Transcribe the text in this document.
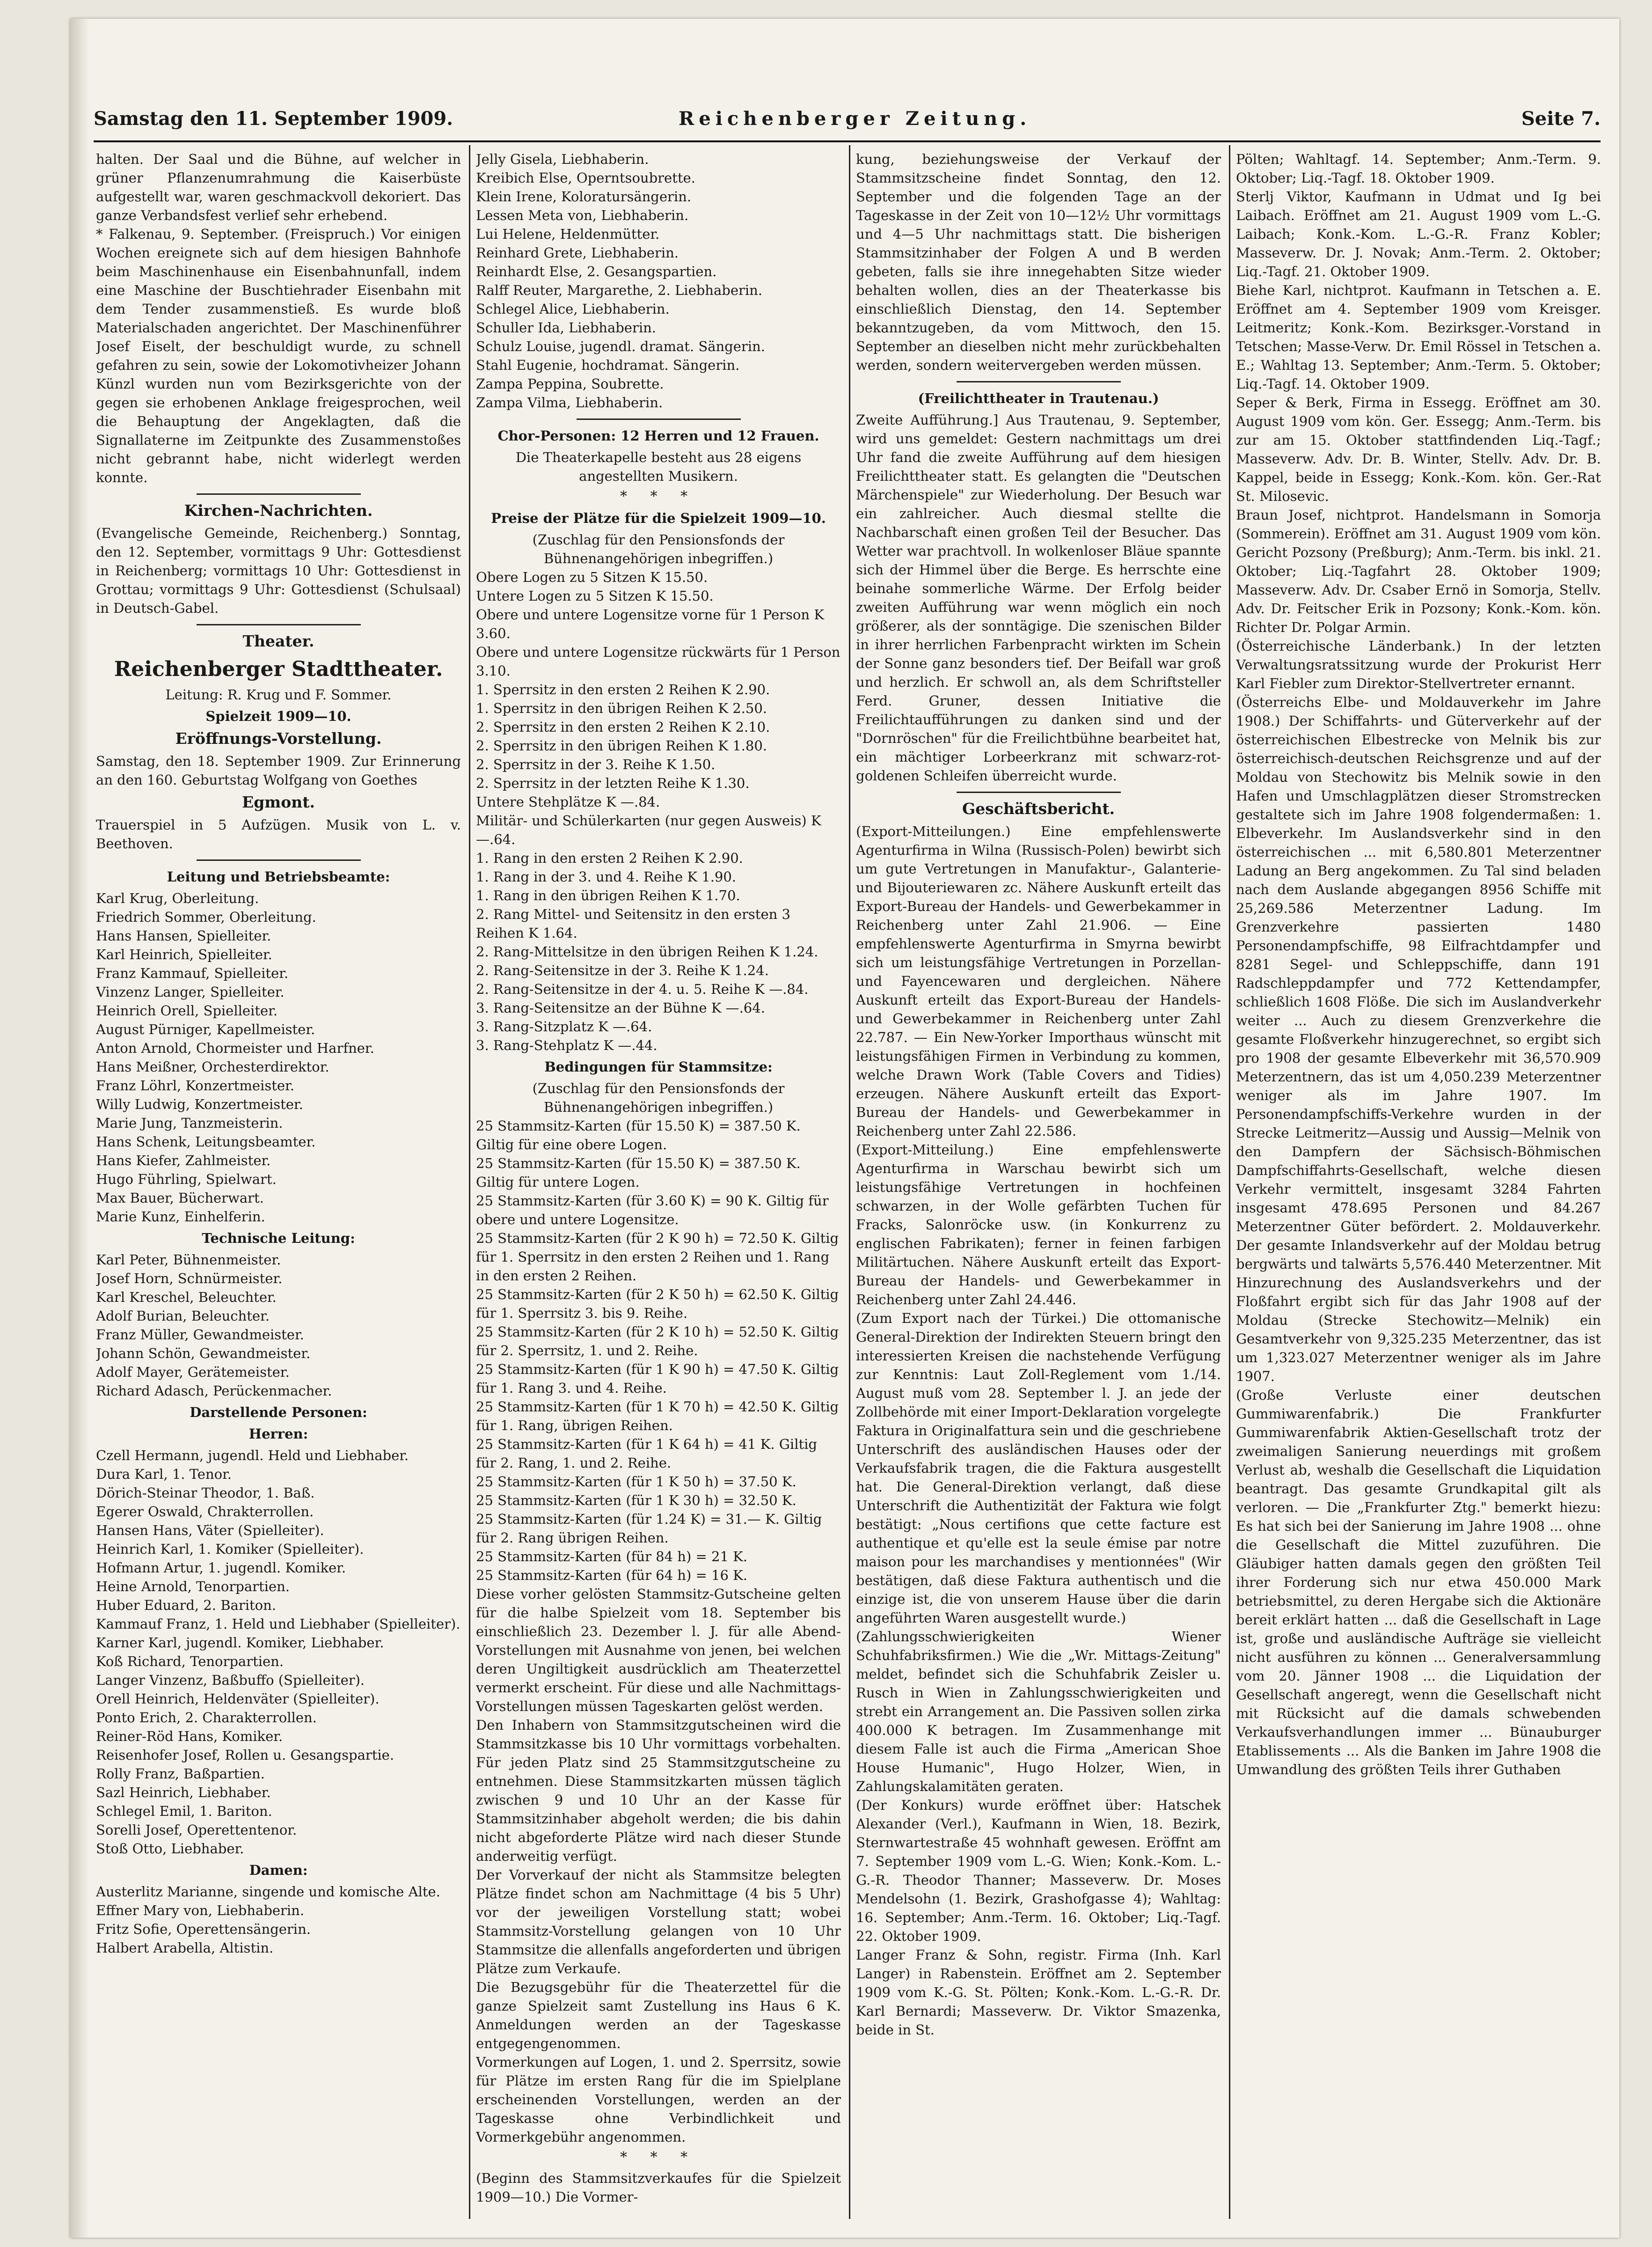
Samstag den 11. September 1909.	Reichenberger Zeitung.	Seite 7.

halten. Der Saal und die Bühne, auf welcher in grüner Pflanzenumrahmung die Kaiserbüste aufgestellt war, waren geschmackvoll dekoriert. Das ganze Verbandsfest verlief sehr erhebend.

* Falkenau, 9. September. (Freispruch.) Vor einigen Wochen ereignete sich auf dem hiesigen Bahnhofe beim Maschinenhause ein Eisenbahnunfall, indem eine Maschine der Buschtiehrader Eisenbahn mit dem Tender zusammenstieß. Es wurde bloß Materialschaden angerichtet. Der Maschinenführer Josef Eiselt, der beschuldigt wurde, zu schnell gefahren zu sein, sowie der Lokomotivheizer Johann Künzl wurden nun vom Bezirksgerichte von der gegen sie erhobenen Anklage freigesprochen, weil die Behauptung der Angeklagten, daß die Signallaterne im Zeitpunkte des Zusammenstoßes nicht gebrannt habe, nicht widerlegt werden konnte.

Kirchen-Nachrichten.

(Evangelische Gemeinde, Reichenberg.) Sonntag, den 12. September, vormittags 9 Uhr: Gottesdienst in Reichenberg; vormittags 10 Uhr: Gottesdienst in Grottau; vormittags 9 Uhr: Gottesdienst (Schulsaal) in Deutsch-Gabel.

Theater.
Reichenberger Stadttheater.

Leitung: R. Krug und F. Sommer.

Spielzeit 1909—10.
Eröffnungs-Vorstellung.

Samstag, den 18. September 1909. Zur Erinnerung an den 160. Geburtstag Wolfgang von Goethes

Egmont.

Trauerspiel in 5 Aufzügen. Musik von L. v. Beethoven.

Leitung und Betriebsbeamte:
Karl Krug, Oberleitung.
Friedrich Sommer, Oberleitung.
Hans Hansen, Spielleiter.
Karl Heinrich, Spielleiter.
Franz Kammauf, Spielleiter.
Vinzenz Langer, Spielleiter.
Heinrich Orell, Spielleiter.
August Pürniger, Kapellmeister.
Anton Arnold, Chormeister und Harfner.
Hans Meißner, Orchesterdirektor.
Franz Löhrl, Konzertmeister.
Willy Ludwig, Konzertmeister.
Marie Jung, Tanzmeisterin.
Hans Schenk, Leitungsbeamter.
Hans Kiefer, Zahlmeister.
Hugo Führling, Spielwart.
Max Bauer, Bücherwart.
Marie Kunz, Einhelferin.
Technische Leitung:
Karl Peter, Bühnenmeister.
Josef Horn, Schnürmeister.
Karl Kreschel, Beleuchter.
Adolf Burian, Beleuchter.
Franz Müller, Gewandmeister.
Johann Schön, Gewandmeister.
Adolf Mayer, Gerätemeister.
Richard Adasch, Perückenmacher.
Darstellende Personen:
Herren:
Czell Hermann, jugendl. Held und Liebhaber.
Dura Karl, 1. Tenor.
Dörich-Steinar Theodor, 1. Baß.
Egerer Oswald, Chrakterrollen.
Hansen Hans, Väter (Spielleiter).
Heinrich Karl, 1. Komiker (Spielleiter).
Hofmann Artur, 1. jugendl. Komiker.
Heine Arnold, Tenorpartien.
Huber Eduard, 2. Bariton.
Kammauf Franz, 1. Held und Liebhaber (Spielleiter).
Karner Karl, jugendl. Komiker, Liebhaber.
Koß Richard, Tenorpartien.
Langer Vinzenz, Baßbuffo (Spielleiter).
Orell Heinrich, Heldenväter (Spielleiter).
Ponto Erich, 2. Charakterrollen.
Reiner-Röd Hans, Komiker.
Reisenhofer Josef, Rollen u. Gesangspartie.
Rolly Franz, Baßpartien.
Sazl Heinrich, Liebhaber.
Schlegel Emil, 1. Bariton.
Sorelli Josef, Operettentenor.
Stoß Otto, Liebhaber.
Damen:
Austerlitz Marianne, singende und komische Alte.
Effner Mary von, Liebhaberin.
Fritz Sofie, Operettensängerin.
Halbert Arabella, Altistin.
Jelly Gisela, Liebhaberin.
Kreibich Else, Operntsoubrette.
Klein Irene, Koloratursängerin.
Lessen Meta von, Liebhaberin.
Lui Helene, Heldenmütter.
Reinhard Grete, Liebhaberin.
Reinhardt Else, 2. Gesangspartien.
Ralff Reuter, Margarethe, 2. Liebhaberin.
Schlegel Alice, Liebhaberin.
Schuller Ida, Liebhaberin.
Schulz Louise, jugendl. dramat. Sängerin.
Stahl Eugenie, hochdramat. Sängerin.
Zampa Peppina, Soubrette.
Zampa Vilma, Liebhaberin.
Chor-Personen: 12 Herren und 12 Frauen.

Die Theaterkapelle besteht aus 28 eigens angestellten Musikern.

* * *
Preise der Plätze für die Spielzeit 1909—10.

(Zuschlag für den Pensionsfonds der Bühnenangehörigen inbegriffen.)

Obere Logen zu 5 Sitzen K 15.50.
Untere Logen zu 5 Sitzen K 15.50.
Obere und untere Logensitze vorne für 1 Person K 3.60.
Obere und untere Logensitze rückwärts für 1 Person 3.10.
1. Sperrsitz in den ersten 2 Reihen K 2.90.
1. Sperrsitz in den übrigen Reihen K 2.50.
2. Sperrsitz in den ersten 2 Reihen K 2.10.
2. Sperrsitz in den übrigen Reihen K 1.80.
2. Sperrsitz in der 3. Reihe K 1.50.
2. Sperrsitz in der letzten Reihe K 1.30.
Untere Stehplätze K —.84.
Militär- und Schülerkarten (nur gegen Ausweis) K —.64.
1. Rang in den ersten 2 Reihen K 2.90.
1. Rang in der 3. und 4. Reihe K 1.90.
1. Rang in den übrigen Reihen K 1.70.
2. Rang Mittel- und Seitensitz in den ersten 3 Reihen K 1.64.
2. Rang-Mittelsitze in den übrigen Reihen K 1.24.
2. Rang-Seitensitze in der 3. Reihe K 1.24.
2. Rang-Seitensitze in der 4. u. 5. Reihe K —.84.
3. Rang-Seitensitze an der Bühne K —.64.
3. Rang-Sitzplatz K —.64.
3. Rang-Stehplatz K —.44.
Bedingungen für Stammsitze:

(Zuschlag für den Pensionsfonds der Bühnenangehörigen inbegriffen.)

25 Stammsitz-Karten (für 15.50 K) = 387.50 K. Giltig für eine obere Logen.
25 Stammsitz-Karten (für 15.50 K) = 387.50 K. Giltig für untere Logen.
25 Stammsitz-Karten (für 3.60 K) = 90 K. Giltig für obere und untere Logensitze.
25 Stammsitz-Karten (für 2 K 90 h) = 72.50 K. Giltig für 1. Sperrsitz in den ersten 2 Reihen und 1. Rang in den ersten 2 Reihen.
25 Stammsitz-Karten (für 2 K 50 h) = 62.50 K. Giltig für 1. Sperrsitz 3. bis 9. Reihe.
25 Stammsitz-Karten (für 2 K 10 h) = 52.50 K. Giltig für 2. Sperrsitz, 1. und 2. Reihe.
25 Stammsitz-Karten (für 1 K 90 h) = 47.50 K. Giltig für 1. Rang 3. und 4. Reihe.
25 Stammsitz-Karten (für 1 K 70 h) = 42.50 K. Giltig für 1. Rang, übrigen Reihen.
25 Stammsitz-Karten (für 1 K 64 h) = 41 K. Giltig für 2. Rang, 1. und 2. Reihe.
25 Stammsitz-Karten (für 1 K 50 h) = 37.50 K.
25 Stammsitz-Karten (für 1 K 30 h) = 32.50 K.
25 Stammsitz-Karten (für 1.24 K) = 31.— K. Giltig für 2. Rang übrigen Reihen.
25 Stammsitz-Karten (für 84 h) = 21 K.
25 Stammsitz-Karten (für 64 h) = 16 K.

Diese vorher gelösten Stammsitz-Gutscheine gelten für die halbe Spielzeit vom 18. September bis einschließlich 23. Dezember l. J. für alle Abend-Vorstellungen mit Ausnahme von jenen, bei welchen deren Ungiltigkeit ausdrücklich am Theaterzettel vermerkt erscheint. Für diese und alle Nachmittags-Vorstellungen müssen Tageskarten gelöst werden.

Den Inhabern von Stammsitzgutscheinen wird die Stammsitzkasse bis 10 Uhr vormittags vorbehalten. Für jeden Platz sind 25 Stammsitzgutscheine zu entnehmen. Diese Stammsitzkarten müssen täglich zwischen 9 und 10 Uhr an der Kasse für Stammsitzinhaber abgeholt werden; die bis dahin nicht abgeforderte Plätze wird nach dieser Stunde anderweitig verfügt.

Der Vorverkauf der nicht als Stammsitze belegten Plätze findet schon am Nachmittage (4 bis 5 Uhr) vor der jeweiligen Vorstellung statt; wobei Stammsitz-Vorstellung gelangen von 10 Uhr Stammsitze die allenfalls angeforderten und übrigen Plätze zum Verkaufe.

Die Bezugsgebühr für die Theaterzettel für die ganze Spielzeit samt Zustellung ins Haus 6 K. Anmeldungen werden an der Tageskasse entgegengenommen.

Vormerkungen auf Logen, 1. und 2. Sperrsitz, sowie für Plätze im ersten Rang für die im Spielplane erscheinenden Vorstellungen, werden an der Tageskasse ohne Verbindlichkeit und Vormerkgebühr angenommen.

* * *

(Beginn des Stammsitzverkaufes für die Spielzeit 1909—10.) Die Vormer-

kung, beziehungsweise der Verkauf der Stammsitzscheine findet Sonntag, den 12. September und die folgenden Tage an der Tageskasse in der Zeit von 10—12½ Uhr vormittags und 4—5 Uhr nachmittags statt. Die bisherigen Stammsitzinhaber der Folgen A und B werden gebeten, falls sie ihre innegehabten Sitze wieder behalten wollen, dies an der Theaterkasse bis einschließlich Dienstag, den 14. September bekanntzugeben, da vom Mittwoch, den 15. September an dieselben nicht mehr zurückbehalten werden, sondern weitervergeben werden müssen.

(Freilichttheater in Trautenau.)

Zweite Aufführung.] Aus Trautenau, 9. September, wird uns gemeldet: Gestern nachmittags um drei Uhr fand die zweite Aufführung auf dem hiesigen Freilichttheater statt. Es gelangten die "Deutschen Märchenspiele" zur Wiederholung. Der Besuch war ein zahlreicher. Auch diesmal stellte die Nachbarschaft einen großen Teil der Besucher. Das Wetter war prachtvoll. In wolkenloser Bläue spannte sich der Himmel über die Berge. Es herrschte eine beinahe sommerliche Wärme. Der Erfolg beider zweiten Aufführung war wenn möglich ein noch größerer, als der sonntägige. Die szenischen Bilder in ihrer herrlichen Farbenpracht wirkten im Schein der Sonne ganz besonders tief. Der Beifall war groß und herzlich. Er schwoll an, als dem Schriftsteller Ferd. Gruner, dessen Initiative die Freilichtaufführungen zu danken sind und der "Dornröschen" für die Freilichtbühne bearbeitet hat, ein mächtiger Lorbeerkranz mit schwarz-rot-goldenen Schleifen überreicht wurde.

Geschäftsbericht.

(Export-Mitteilungen.) Eine empfehlenswerte Agenturfirma in Wilna (Russisch-Polen) bewirbt sich um gute Vertretungen in Manufaktur-, Galanterie- und Bijouteriewaren zc. Nähere Auskunft erteilt das Export-Bureau der Handels- und Gewerbekammer in Reichenberg unter Zahl 21.906. — Eine empfehlenswerte Agenturfirma in Smyrna bewirbt sich um leistungsfähige Vertretungen in Porzellan- und Fayencewaren und dergleichen. Nähere Auskunft erteilt das Export-Bureau der Handels- und Gewerbekammer in Reichenberg unter Zahl 22.787. — Ein New-Yorker Importhaus wünscht mit leistungsfähigen Firmen in Verbindung zu kommen, welche Drawn Work (Table Covers and Tidies) erzeugen. Nähere Auskunft erteilt das Export-Bureau der Handels- und Gewerbekammer in Reichenberg unter Zahl 22.586.

(Export-Mitteilung.) Eine empfehlenswerte Agenturfirma in Warschau bewirbt sich um leistungsfähige Vertretungen in hochfeinen schwarzen, in der Wolle gefärbten Tuchen für Fracks, Salonröcke usw. (in Konkurrenz zu englischen Fabrikaten); ferner in feinen farbigen Militärtuchen. Nähere Auskunft erteilt das Export-Bureau der Handels- und Gewerbekammer in Reichenberg unter Zahl 24.446.

(Zum Export nach der Türkei.) Die ottomanische General-Direktion der Indirekten Steuern bringt den interessierten Kreisen die nachstehende Verfügung zur Kenntnis: Laut Zoll-Reglement vom 1./14. August muß vom 28. September l. J. an jede der Zollbehörde mit einer Import-Deklaration vorgelegte Faktura in Originalfattura sein und die geschriebene Unterschrift des ausländischen Hauses oder der Verkaufsfabrik tragen, die die Faktura ausgestellt hat. Die General-Direktion verlangt, daß diese Unterschrift die Authentizität der Faktura wie folgt bestätigt: „Nous certifions que cette facture est authentique et qu'elle est la seule émise par notre maison pour les marchandises y mentionnées" (Wir bestätigen, daß diese Faktura authentisch und die einzige ist, die von unserem Hause über die darin angeführten Waren ausgestellt wurde.)

(Zahlungsschwierigkeiten Wiener Schuhfabriksfirmen.) Wie die „Wr. Mittags-Zeitung" meldet, befindet sich die Schuhfabrik Zeisler u. Rusch in Wien in Zahlungsschwierigkeiten und strebt ein Arrangement an. Die Passiven sollen zirka 400.000 K betragen. Im Zusammenhange mit diesem Falle ist auch die Firma „American Shoe House Humanic", Hugo Holzer, Wien, in Zahlungskalamitäten geraten.

(Der Konkurs) wurde eröffnet über: Hatschek Alexander (Verl.), Kaufmann in Wien, 18. Bezirk, Sternwartestraße 45 wohnhaft gewesen. Eröffnt am 7. September 1909 vom L.-G. Wien; Konk.-Kom. L.-G.-R. Theodor Thanner; Masseverw. Dr. Moses Mendelsohn (1. Bezirk, Grashofgasse 4); Wahltag: 16. September; Anm.-Term. 16. Oktober; Liq.-Tagf. 22. Oktober 1909.

Langer Franz & Sohn, registr. Firma (Inh. Karl Langer) in Rabenstein. Eröffnet am 2. September 1909 vom K.-G. St. Pölten; Konk.-Kom. L.-G.-R. Dr. Karl Bernardi; Masseverw. Dr. Viktor Smazenka, beide in St.

Pölten; Wahltagf. 14. September; Anm.-Term. 9. Oktober; Liq.-Tagf. 18. Oktober 1909.

Sterlj Viktor, Kaufmann in Udmat und Ig bei Laibach. Eröffnet am 21. August 1909 vom L.-G. Laibach; Konk.-Kom. L.-G.-R. Franz Kobler; Masseverw. Dr. J. Novak; Anm.-Term. 2. Oktober; Liq.-Tagf. 21. Oktober 1909.

Biehe Karl, nichtprot. Kaufmann in Tetschen a. E. Eröffnet am 4. September 1909 vom Kreisger. Leitmeritz; Konk.-Kom. Bezirksger.-Vorstand in Tetschen; Masse-Verw. Dr. Emil Rössel in Tetschen a. E.; Wahltag 13. September; Anm.-Term. 5. Oktober; Liq.-Tagf. 14. Oktober 1909.

Seper & Berk, Firma in Essegg. Eröffnet am 30. August 1909 vom kön. Ger. Essegg; Anm.-Term. bis zur am 15. Oktober stattfindenden Liq.-Tagf.; Masseverw. Adv. Dr. B. Winter, Stellv. Adv. Dr. B. Kappel, beide in Essegg; Konk.-Kom. kön. Ger.-Rat St. Milosevic.

Braun Josef, nichtprot. Handelsmann in Somorja (Sommerein). Eröffnet am 31. August 1909 vom kön. Gericht Pozsony (Preßburg); Anm.-Term. bis inkl. 21. Oktober; Liq.-Tagfahrt 28. Oktober 1909; Masseverw. Adv. Dr. Csaber Ernö in Somorja, Stellv. Adv. Dr. Feitscher Erik in Pozsony; Konk.-Kom. kön. Richter Dr. Polgar Armin.

(Österreichische Länderbank.) In der letzten Verwaltungsratssitzung wurde der Prokurist Herr Karl Fiebler zum Direktor-Stellvertreter ernannt.

(Österreichs Elbe- und Moldauverkehr im Jahre 1908.) Der Schiffahrts- und Güterverkehr auf der österreichischen Elbestrecke von Melnik bis zur österreichisch-deutschen Reichsgrenze und auf der Moldau von Stechowitz bis Melnik sowie in den Hafen und Umschlagplätzen dieser Stromstrecken gestaltete sich im Jahre 1908 folgendermaßen: 1. Elbeverkehr. Im Auslandsverkehr sind in den österreichischen ... mit 6,580.801 Meterzentner Ladung an Berg angekommen. Zu Tal sind beladen nach dem Auslande abgegangen 8956 Schiffe mit 25,269.586 Meterzentner Ladung. Im Grenzverkehre passierten 1480 Personendampfschiffe, 98 Eilfrachtdampfer und 8281 Segel- und Schleppschiffe, dann 191 Radschleppdampfer und 772 Kettendampfer, schließlich 1608 Flöße. Die sich im Auslandverkehr weiter ... Auch zu diesem Grenzverkehre die gesamte Floßverkehr hinzugerechnet, so ergibt sich pro 1908 der gesamte Elbeverkehr mit 36,570.909 Meterzentnern, das ist um 4,050.239 Meterzentner weniger als im Jahre 1907. Im Personendampfschiffs-Verkehre wurden in der Strecke Leitmeritz—Aussig und Aussig—Melnik von den Dampfern der Sächsisch-Böhmischen Dampfschiffahrts-Gesellschaft, welche diesen Verkehr vermittelt, insgesamt 3284 Fahrten insgesamt 478.695 Personen und 84.267 Meterzentner Güter befördert. 2. Moldauverkehr. Der gesamte Inlandsverkehr auf der Moldau betrug bergwärts und talwärts 5,576.440 Meterzentner. Mit Hinzurechnung des Auslandsverkehrs und der Floßfahrt ergibt sich für das Jahr 1908 auf der Moldau (Strecke Stechowitz—Melnik) ein Gesamtverkehr von 9,325.235 Meterzentner, das ist um 1,323.027 Meterzentner weniger als im Jahre 1907.

(Große Verluste einer deutschen Gummiwarenfabrik.) Die Frankfurter Gummiwarenfabrik Aktien-Gesellschaft trotz der zweimaligen Sanierung neuerdings mit großem Verlust ab, weshalb die Gesellschaft die Liquidation beantragt. Das gesamte Grundkapital gilt als verloren. — Die „Frankfurter Ztg." bemerkt hiezu: Es hat sich bei der Sanierung im Jahre 1908 ... ohne die Gesellschaft die Mittel zuzuführen. Die Gläubiger hatten damals gegen den größten Teil ihrer Forderung sich nur etwa 450.000 Mark betriebsmittel, zu deren Hergabe sich die Aktionäre bereit erklärt hatten ... daß die Gesellschaft in Lage ist, große und ausländische Aufträge sie vielleicht nicht ausführen zu können ... Generalversammlung vom 20. Jänner 1908 ... die Liquidation der Gesellschaft angeregt, wenn die Gesellschaft nicht mit Rücksicht auf die damals schwebenden Verkaufsverhandlungen immer ... Bünauburger Etablissements ... Als die Banken im Jahre 1908 die Umwandlung des größten Teils ihrer Guthaben
